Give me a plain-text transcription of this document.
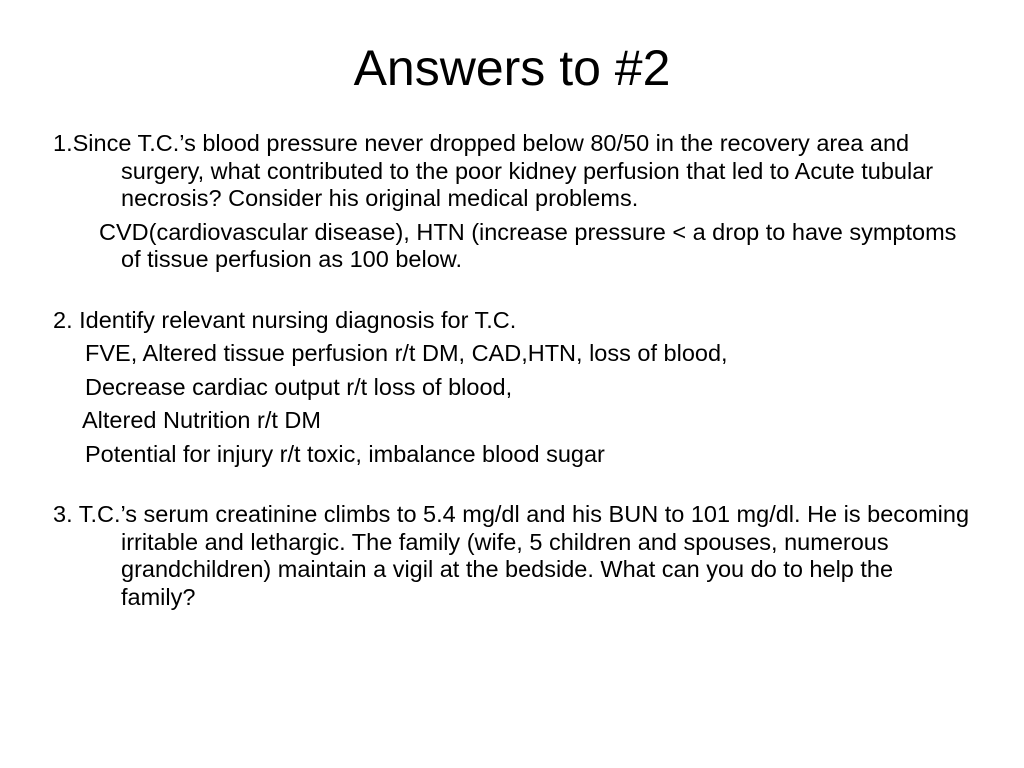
Answers to #2

1.Since T.C.’s blood pressure never dropped below 80/50 in the recovery area and surgery, what contributed to the poor kidney perfusion that led to Acute tubular necrosis? Consider his original medical problems.

CVD(cardiovascular disease), HTN (increase pressure < a drop to have symptoms of tissue perfusion as 100 below.

2. Identify relevant nursing diagnosis for T.C.

FVE, Altered tissue perfusion r/t DM, CAD,HTN, loss of blood,

Decrease cardiac output r/t loss of blood,

Altered Nutrition r/t DM

Potential for injury r/t toxic, imbalance blood sugar

3. T.C.’s serum creatinine climbs to 5.4 mg/dl and his BUN to 101 mg/dl. He is becoming irritable and lethargic. The family (wife, 5 children and spouses, numerous grandchildren) maintain a vigil at the bedside. What can you do to help the family?
